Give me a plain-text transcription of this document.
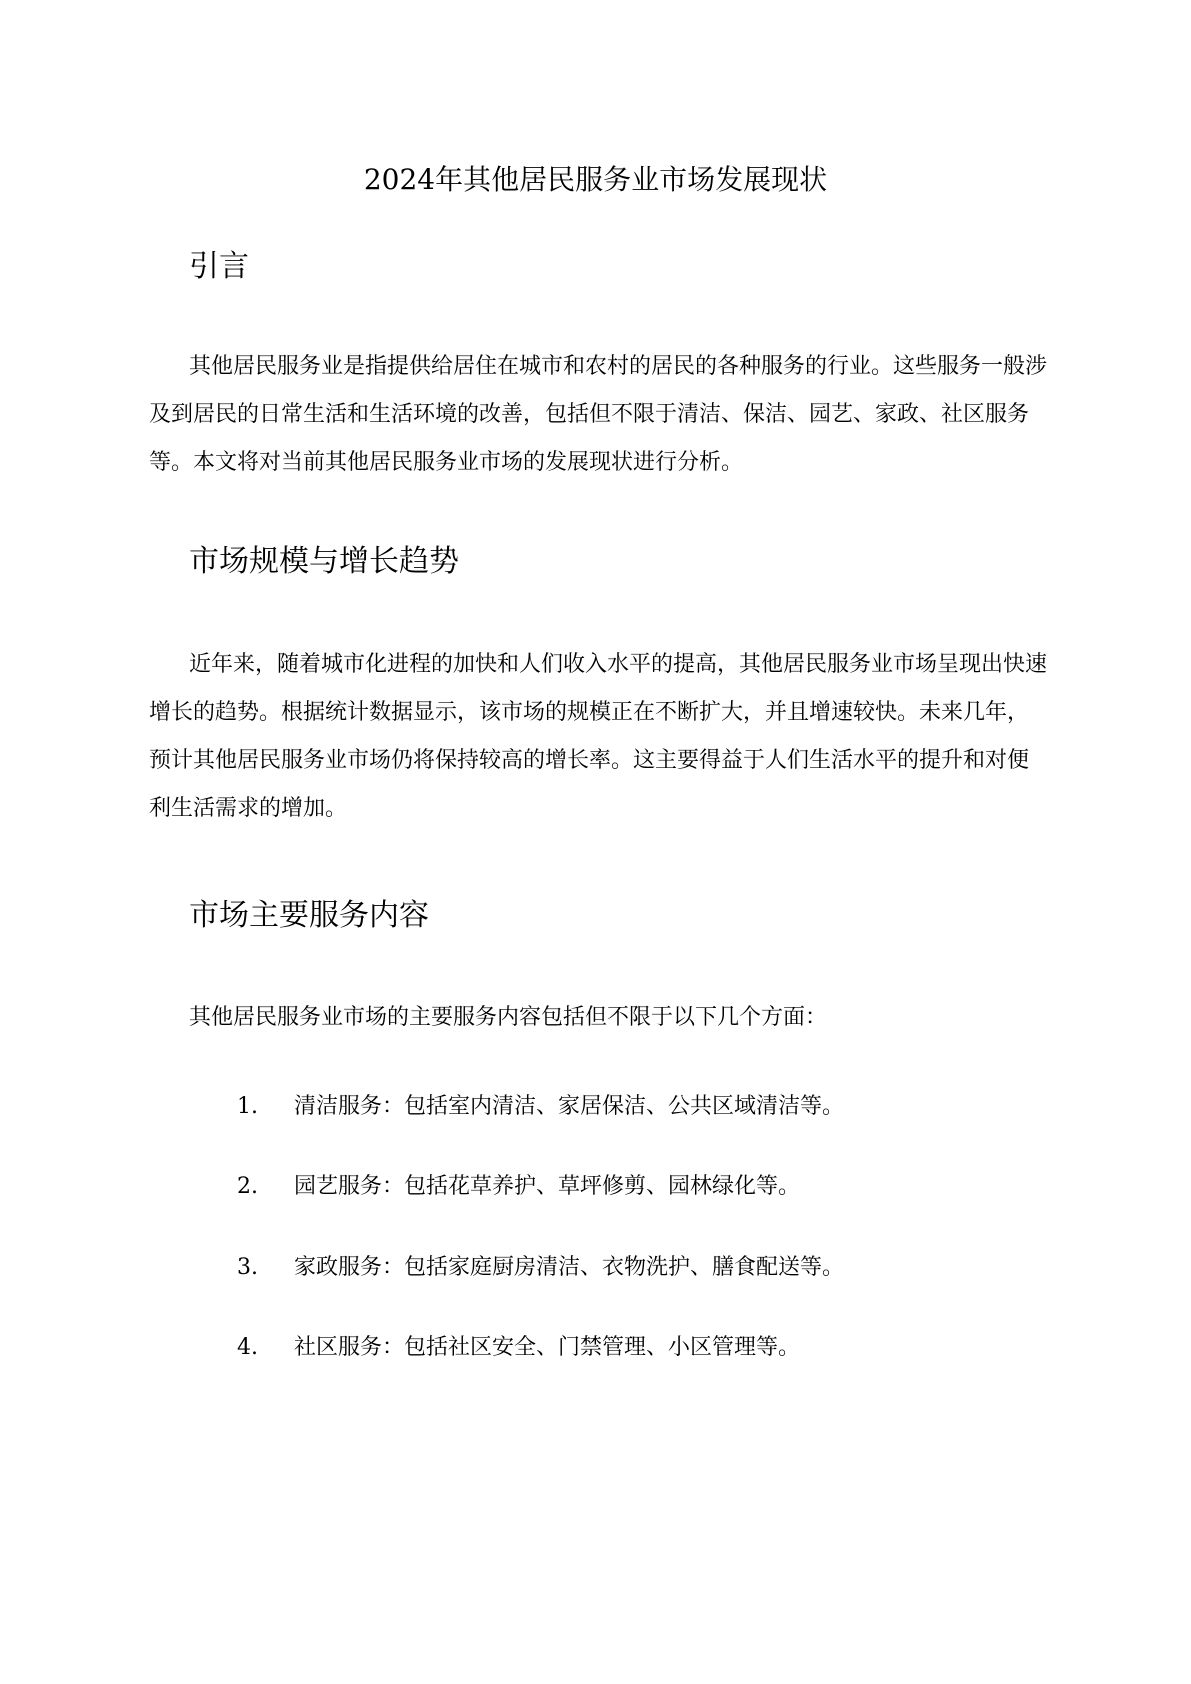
2024年其他居民服务业市场发展现状
引言

其他居民服务业是指提供给居住在城市和农村的居民的各种服务的行业。这些服务一般涉及到居民的日常生活和生活环境的改善，包括但不限于清洁、保洁、园艺、家政、社区服务等。本文将对当前其他居民服务业市场的发展现状进行分析。

市场规模与增长趋势

近年来，随着城市化进程的加快和人们收入水平的提高，其他居民服务业市场呈现出快速增长的趋势。根据统计数据显示，该市场的规模正在不断扩大，并且增速较快。未来几年，预计其他居民服务业市场仍将保持较高的增长率。这主要得益于人们生活水平的提升和对便利生活需求的增加。

市场主要服务内容

其他居民服务业市场的主要服务内容包括但不限于以下几个方面：

1. 清洁服务：包括室内清洁、家居保洁、公共区域清洁等。
2. 园艺服务：包括花草养护、草坪修剪、园林绿化等。
3. 家政服务：包括家庭厨房清洁、衣物洗护、膳食配送等。
4. 社区服务：包括社区安全、门禁管理、小区管理等。
